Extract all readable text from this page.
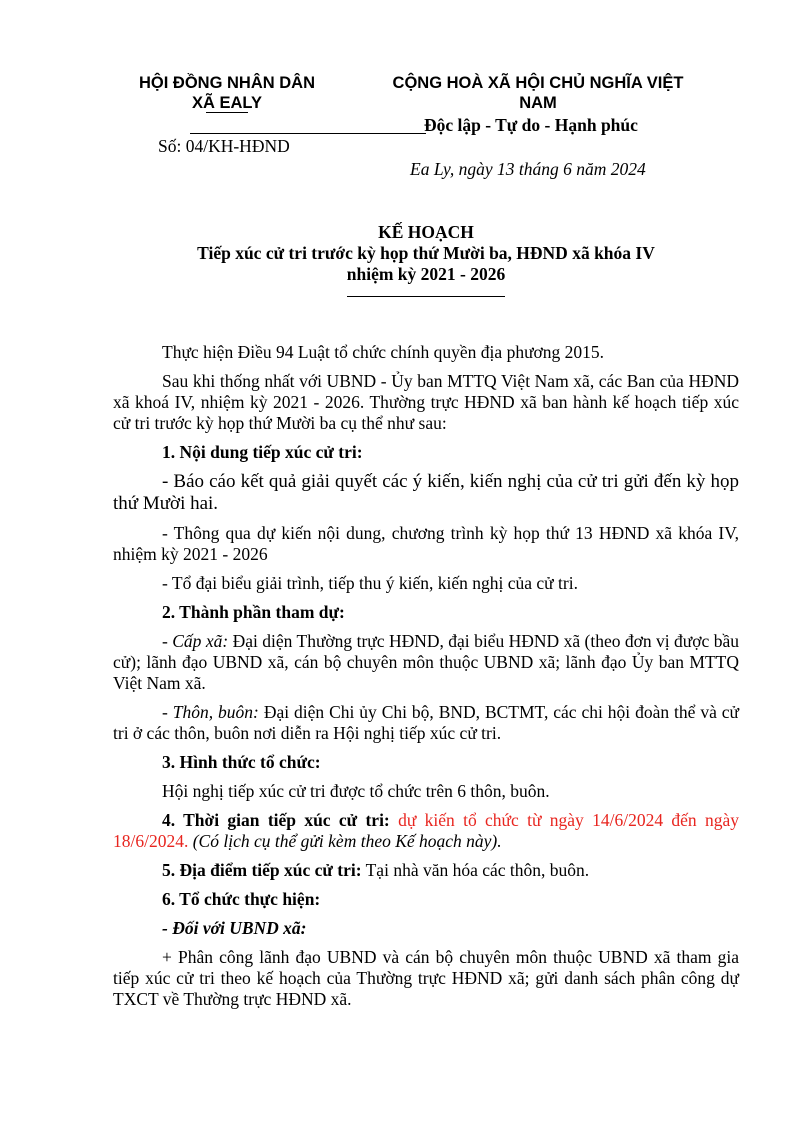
HỘI ĐỒNG NHÂN DÂN
XÃ EALY
CỘNG HOÀ XÃ HỘI CHỦ NGHĨA VIỆT
NAM
Độc lập - Tự do - Hạnh phúc
Số: 04/KH-HĐND
Ea Ly, ngày 13 tháng 6 năm 2024
KẾ HOẠCH
Tiếp xúc cử tri trước kỳ họp thứ Mười ba, HĐND xã khóa IV
nhiệm kỳ 2021 - 2026

Thực hiện Điều 94 Luật tổ chức chính quyền địa phương 2015.

Sau khi thống nhất với UBND - Ủy ban MTTQ Việt Nam xã, các Ban của HĐND xã khoá IV, nhiệm kỳ 2021 - 2026. Thường trực HĐND xã ban hành kế hoạch tiếp xúc cử tri trước kỳ họp thứ Mười ba cụ thể như sau:

1. Nội dung tiếp xúc cử tri:

- Báo cáo kết quả giải quyết các ý kiến, kiến nghị của cử tri gửi đến kỳ họp thứ Mười hai.

- Thông qua dự kiến nội dung, chương trình kỳ họp thứ 13 HĐND xã khóa IV, nhiệm kỳ 2021 - 2026

- Tổ đại biểu giải trình, tiếp thu ý kiến, kiến nghị của cử tri.

2. Thành phần tham dự:

- Cấp xã: Đại diện Thường trực HĐND, đại biểu HĐND xã (theo đơn vị được bầu cử); lãnh đạo UBND xã, cán bộ chuyên môn thuộc UBND xã; lãnh đạo Ủy ban MTTQ Việt Nam xã.

- Thôn, buôn: Đại diện Chi ủy Chi bộ, BND, BCTMT, các chi hội đoàn thể và cử tri ở các thôn, buôn nơi diễn ra Hội nghị tiếp xúc cử tri.

3. Hình thức tổ chức:

Hội nghị tiếp xúc cử tri được tổ chức trên 6 thôn, buôn.

4. Thời gian tiếp xúc cử tri: dự kiến tổ chức từ ngày 14/6/2024 đến ngày 18/6/2024. (Có lịch cụ thể gửi kèm theo Kế hoạch này).

5. Địa điểm tiếp xúc cử tri: Tại nhà văn hóa các thôn, buôn.

6. Tổ chức thực hiện:

- Đối với UBND xã:

+ Phân công lãnh đạo UBND và cán bộ chuyên môn thuộc UBND xã tham gia tiếp xúc cử tri theo kế hoạch của Thường trực HĐND xã; gửi danh sách phân công dự TXCT về Thường trực HĐND xã.
